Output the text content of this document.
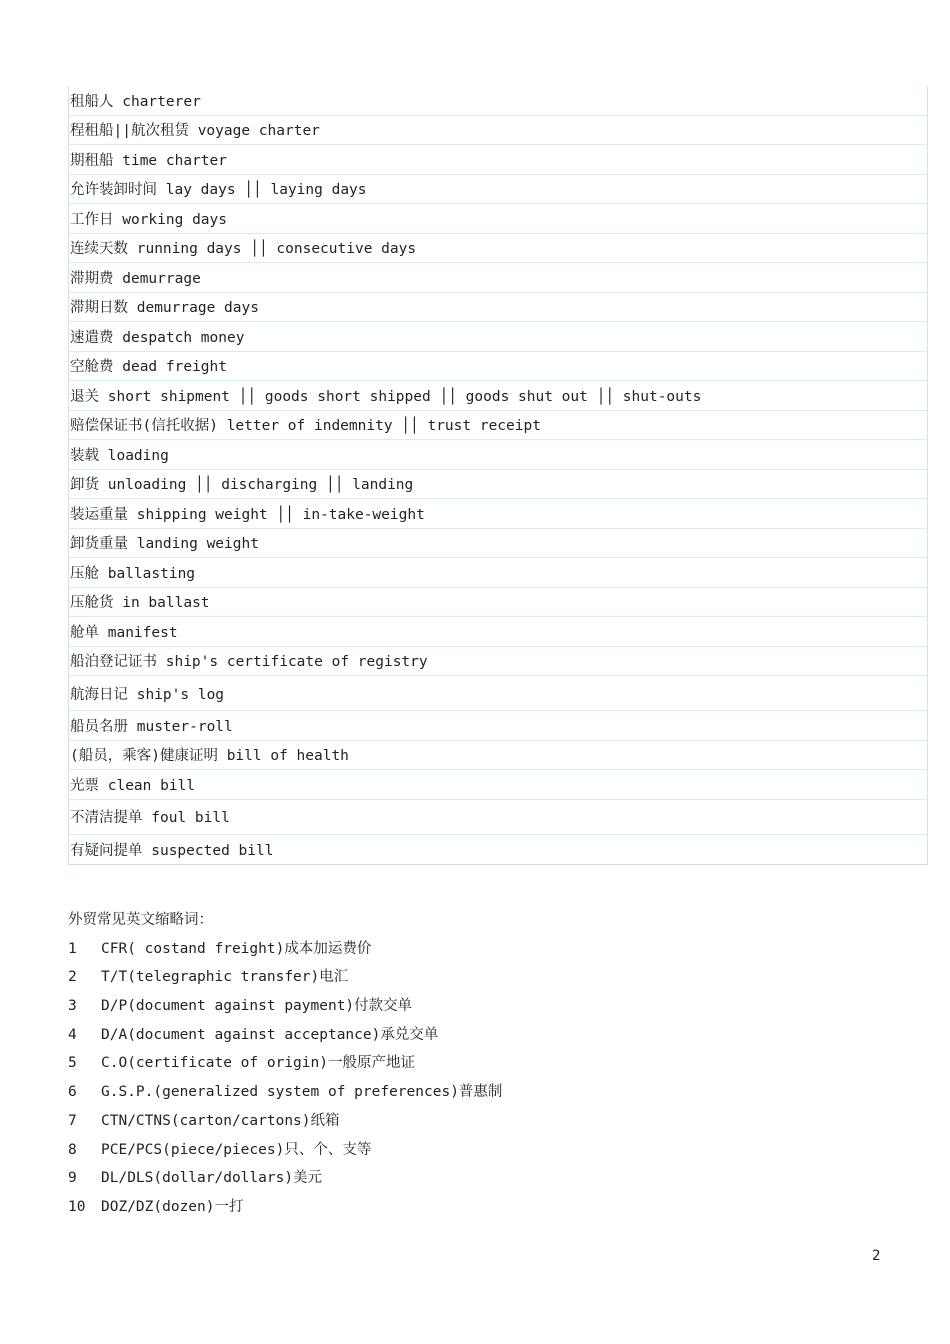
租船人 charterer
程租船||航次租赁 voyage charter
期租船 time charter
允许装卸时间 lay days ││ laying days
工作日 working days
连续天数 running days ││ consecutive days
滞期费 demurrage
滞期日数 demurrage days
速遣费 despatch money
空舱费 dead freight
退关 short shipment ││ goods short shipped ││ goods shut out ││ shut-outs
赔偿保证书(信托收据) letter of indemnity ││ trust receipt
装载 loading
卸货 unloading ││ discharging ││ landing
装运重量 shipping weight ││ in-take-weight
卸货重量 landing weight
压舱 ballasting
压舱货 in ballast
舱单 manifest
船泊登记证书 ship's certificate of registry
航海日记 ship's log
船员名册 muster-roll
(船员，乘客)健康证明 bill of health
光票 clean bill
不清洁提单 foul bill
有疑问提单 suspected bill
外贸常见英文缩略词：
1	CFR( costand freight)成本加运费价
2	T/T(telegraphic transfer)电汇
3	D/P(document against payment)付款交单
4	D/A(document against acceptance)承兑交单
5	C.O(certificate of origin)一般原产地证
6	G.S.P.(generalized system of preferences)普惠制
7	CTN/CTNS(carton/cartons)纸箱
8	PCE/PCS(piece/pieces)只、个、支等
9	DL/DLS(dollar/dollars)美元
10	DOZ/DZ(dozen)一打
2
